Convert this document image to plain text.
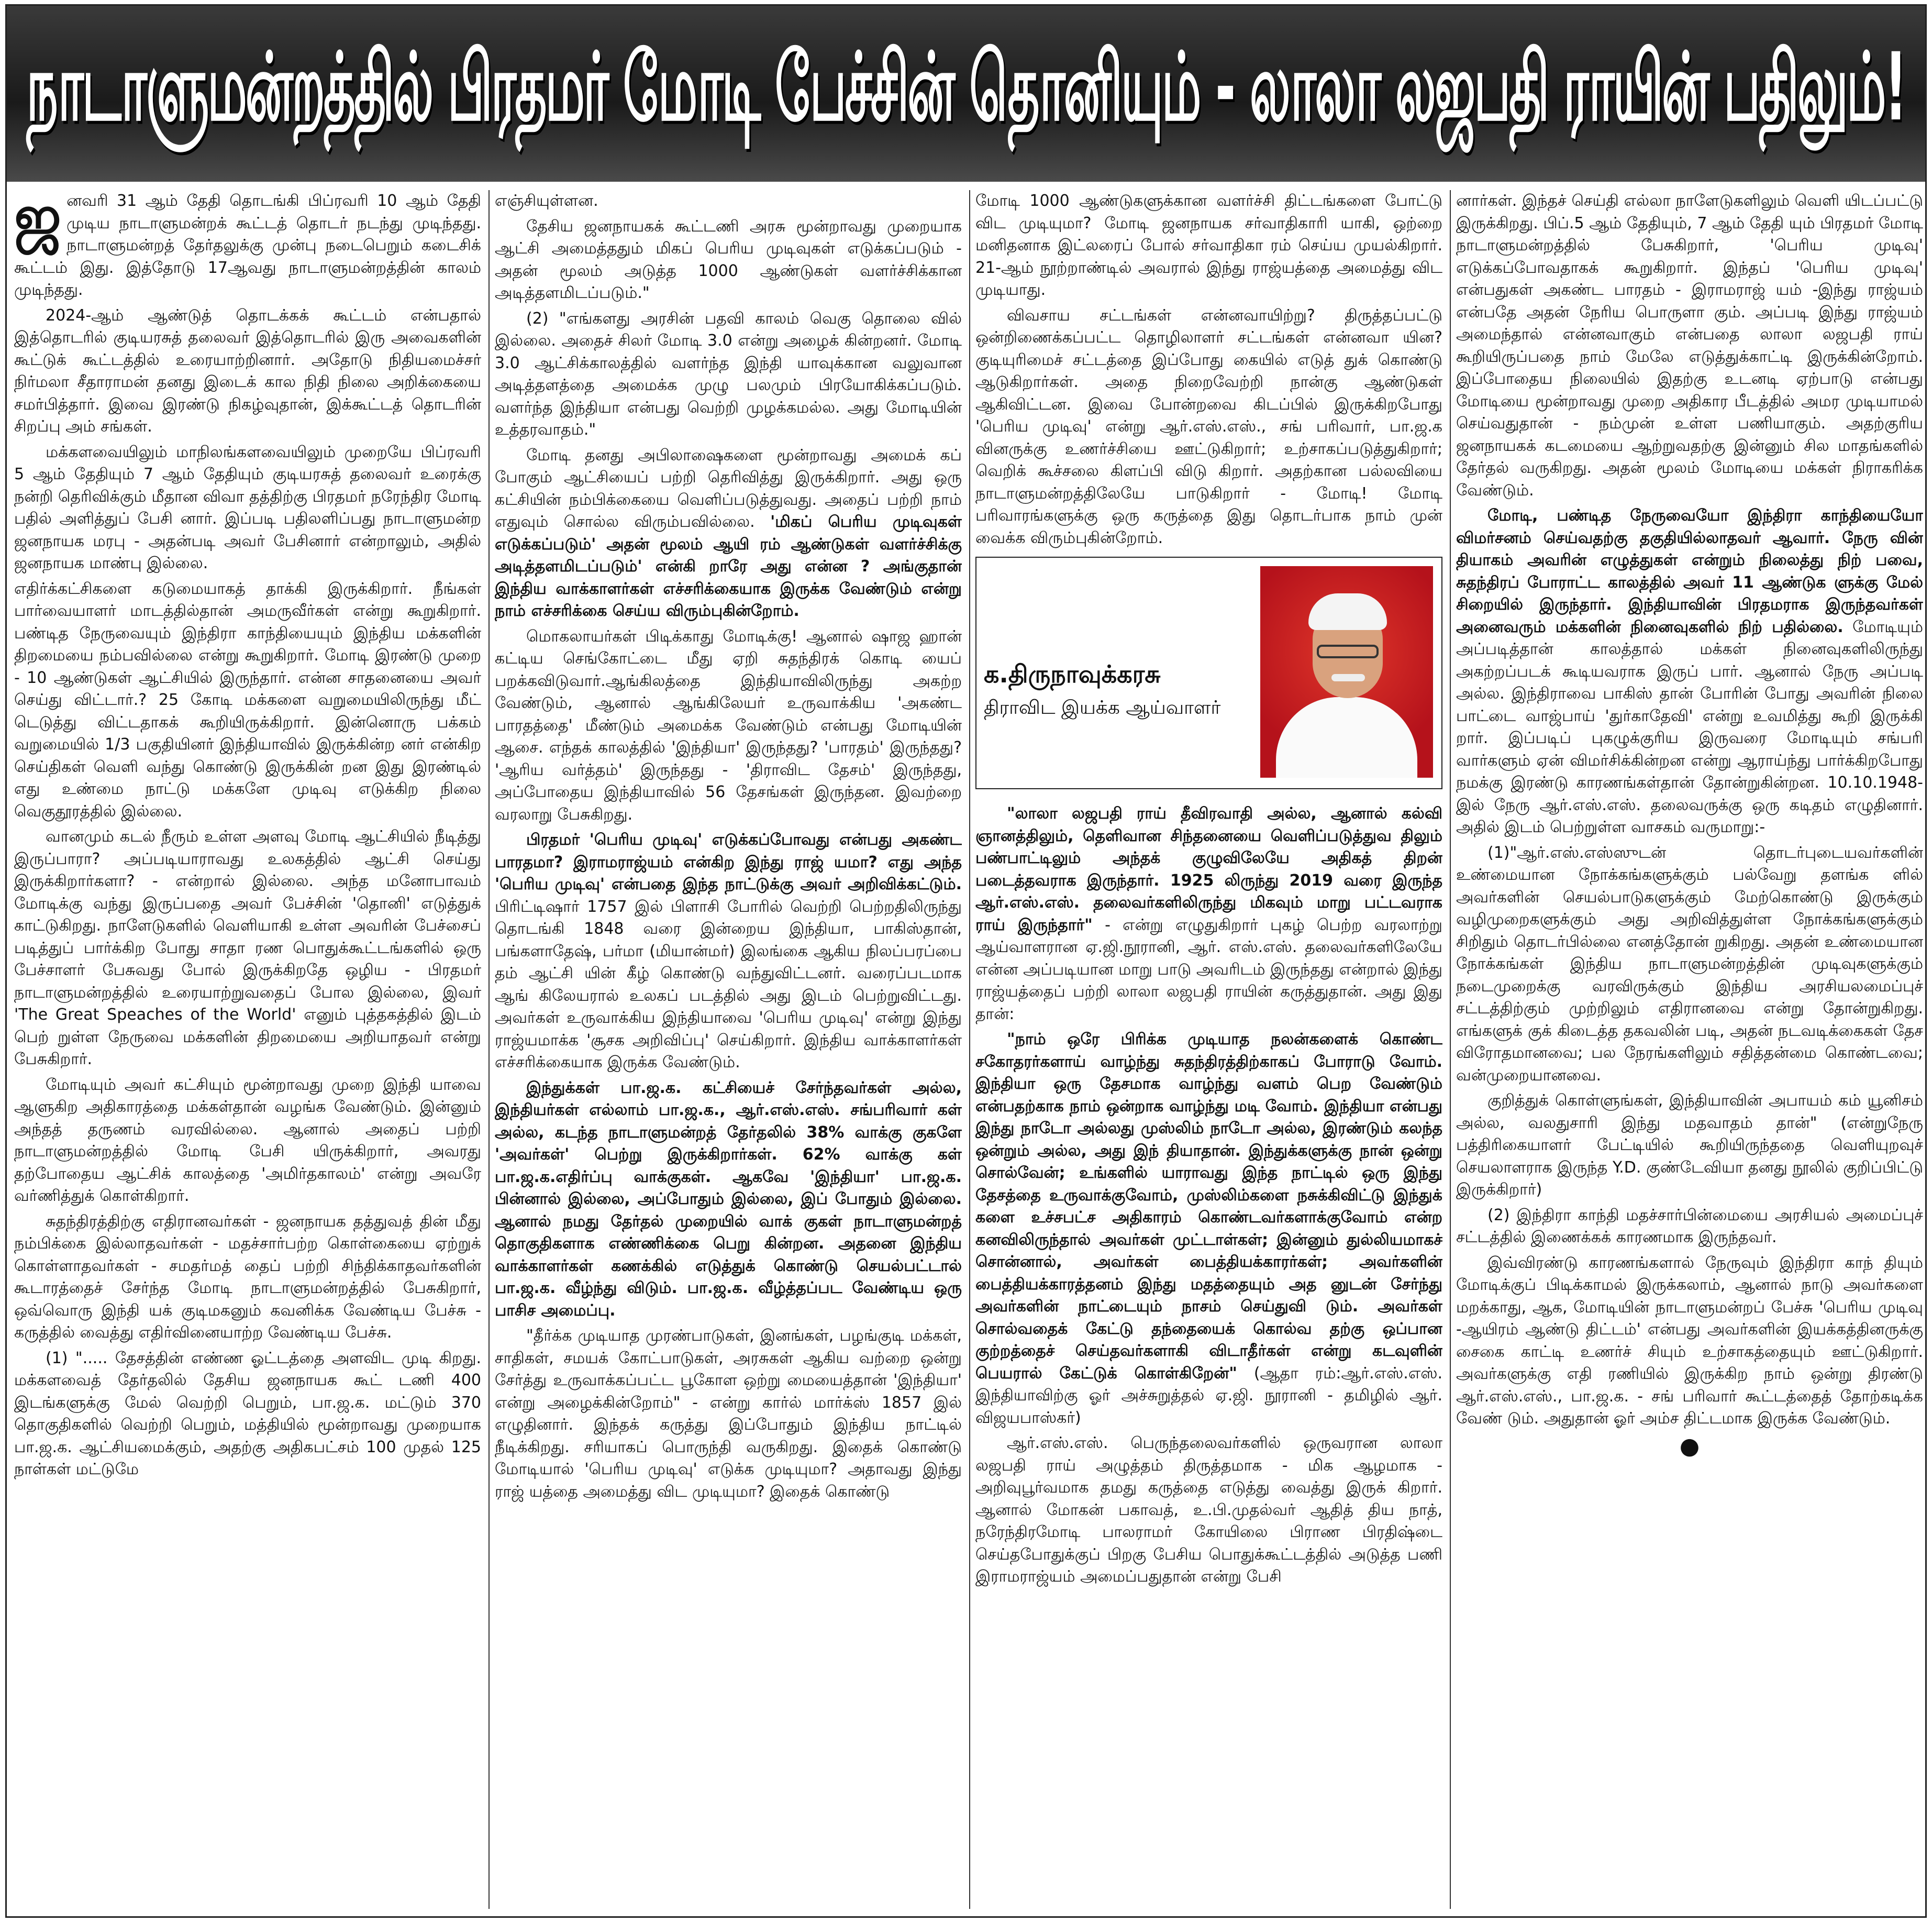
நாடாளுமன்றத்தில் பிரதமர் மோடி பேச்சின் தொனியும் - லாலா லஜபதி ராயின் பதிலும்!

ஜனவரி 31 ஆம் தேதி தொடங்கி பிப்ரவரி 10 ஆம் தேதி முடிய நாடாளுமன்றக் கூட்டத் தொடர் நடந்து முடிந்தது. நாடாளுமன்றத் தேர்தலுக்கு முன்பு நடைபெறும் கடைசிக் கூட்டம் இது. இத்தோடு 17ஆவது நாடாளுமன்றத்தின் காலம் முடிந்தது.

2024-ஆம் ஆண்டுத் தொடக்கக் கூட்டம் என்பதால் இத்தொடரில் குடியரசுத் தலைவர் இத்தொடரில் இரு அவைகளின் கூட்டுக் கூட்டத்தில் உரையாற்றினார். அதோடு நிதியமைச்சர் நிர்மலா சீதாராமன் தனது இடைக் கால நிதி நிலை அறிக்கையை சமர்பித்தார். இவை இரண்டு நிகழ்வுதான், இக்கூட்டத் தொடரின் சிறப்பு அம் சங்கள்.

மக்களவையிலும் மாநிலங்களவையிலும் முறையே பிப்ரவரி 5 ஆம் தேதியும் 7 ஆம் தேதியும் குடியரசுத் தலைவர் உரைக்கு நன்றி தெரிவிக்கும் மீதான விவா தத்திற்கு பிரதமர் நரேந்திர மோடி பதில் அளித்துப் பேசி னார். இப்படி பதிலளிப்பது நாடாளுமன்ற ஜனநாயக மரபு - அதன்படி அவர் பேசினார் என்றாலும், அதில் ஜனநாயக மாண்பு இல்லை.

எதிர்க்கட்சிகளை கடுமையாகத் தாக்கி இருக்கிறார். நீங்கள் பார்வையாளர் மாடத்தில்தான் அமருவீர்கள் என்று கூறுகிறார். பண்டித நேருவையும் இந்திரா காந்தியையும் இந்திய மக்களின் திறமையை நம்பவில்லை என்று கூறுகிறார். மோடி இரண்டு முறை - 10 ஆண்டுகள் ஆட்சியில் இருந்தார். என்ன சாதனையை அவர் செய்து விட்டார்.? 25 கோடி மக்களை வறுமையிலிருந்து மீட் டெடுத்து விட்டதாகக் கூறியிருக்கிறார். இன்னொரு பக்கம் வறுமையில் 1/3 பகுதியினர் இந்தியாவில் இருக்கின்ற னர் என்கிற செய்திகள் வெளி வந்து கொண்டு இருக்கின் றன இது இரண்டில் எது உண்மை நாட்டு மக்களே முடிவு எடுக்கிற நிலை வெகுதூரத்தில் இல்லை.

வானமும் கடல் நீரும் உள்ள அளவு மோடி ஆட்சியில் நீடித்து இருப்பாரா? அப்படியாராவது உலகத்தில் ஆட்சி செய்து இருக்கிறார்களா? - என்றால் இல்லை. அந்த மனோபாவம் மோடிக்கு வந்து இருப்பதை அவர் பேச்சின் 'தொனி' எடுத்துக் காட்டுகிறது. நாளேடுகளில் வெளியாகி உள்ள அவரின் பேச்சைப் படித்துப் பார்க்கிற போது சாதா ரண பொதுக்கூட்டங்களில் ஒரு பேச்சாளர் பேசுவது போல் இருக்கிறதே ஒழிய - பிரதமர் நாடாளுமன்றத்தில் உரையாற்றுவதைப் போல இல்லை, இவர் 'The Great Speaches of the World' எனும் புத்தகத்தில் இடம் பெற் றுள்ள நேருவை மக்களின் திறமையை அறியாதவர் என்று பேசுகிறார்.

மோடியும் அவர் கட்சியும் மூன்றாவது முறை இந்தி யாவை ஆளுகிற அதிகாரத்தை மக்கள்தான் வழங்க வேண்டும். இன்னும் அந்தத் தருணம் வரவில்லை. ஆனால் அதைப் பற்றி நாடாளுமன்றத்தில் மோடி பேசி யிருக்கிறார், அவரது தற்போதைய ஆட்சிக் காலத்தை 'அமிர்தகாலம்' என்று அவரே வர்ணித்துக் கொள்கிறார்.

சுதந்திரத்திற்கு எதிரானவர்கள் - ஜனநாயக தத்துவத் தின் மீது நம்பிக்கை இல்லாதவர்கள் - மதச்சார்பற்ற கொள்கையை ஏற்றுக் கொள்ளாதவர்கள் - சமதர்மத் தைப் பற்றி சிந்திக்காதவர்களின் கூடாரத்தைச் சேர்ந்த மோடி நாடாளுமன்றத்தில் பேசுகிறார், ஒவ்வொரு இந்தி யக் குடிமகனும் கவனிக்க வேண்டிய பேச்சு - கருத்தில் வைத்து எதிர்வினையாற்ற வேண்டிய பேச்சு.

(1) "..... தேசத்தின் எண்ண ஓட்டத்தை அளவிட முடி கிறது. மக்களவைத் தேர்தலில் தேசிய ஜனநாயக கூட் டணி 400 இடங்களுக்கு மேல் வெற்றி பெறும், பா.ஜ.க. மட்டும் 370 தொகுதிகளில் வெற்றி பெறும், மத்தியில் மூன்றாவது முறையாக பா.ஜ.க. ஆட்சியமைக்கும், அதற்கு அதிகபட்சம் 100 முதல் 125 நாள்கள் மட்டுமே

எஞ்சியுள்ளன.

தேசிய ஜனநாயகக் கூட்டணி அரசு மூன்றாவது முறையாக ஆட்சி அமைத்ததும் மிகப் பெரிய முடிவுகள் எடுக்கப்படும் - அதன் மூலம் அடுத்த 1000 ஆண்டுகள் வளர்ச்சிக்கான அடித்தளமிடப்படும்."

(2) "எங்களது அரசின் பதவி காலம் வெகு தொலை வில் இல்லை. அதைச் சிலர் மோடி 3.0 என்று அழைக் கின்றனர். மோடி 3.0 ஆட்சிக்காலத்தில் வளர்ந்த இந்தி யாவுக்கான வலுவான அடித்தளத்தை அமைக்க முழு பலமும் பிரயோகிக்கப்படும். வளர்ந்த இந்தியா என்பது வெற்றி முழக்கமல்ல. அது மோடியின் உத்தரவாதம்."

மோடி தனது அபிலாஷைகளை மூன்றாவது அமைக் கப் போகும் ஆட்சியைப் பற்றி தெரிவித்து இருக்கிறார். அது ஒரு கட்சியின் நம்பிக்கையை வெளிப்படுத்துவது. அதைப் பற்றி நாம் எதுவும் சொல்ல விரும்பவில்லை. 'மிகப் பெரிய முடிவுகள் எடுக்கப்படும்' அதன் மூலம் ஆயி ரம் ஆண்டுகள் வளர்ச்சிக்கு அடித்தளமிடப்படும்' என்கி றாரே அது என்ன ? அங்குதான் இந்திய வாக்காளர்கள் எச்சரிக்கையாக இருக்க வேண்டும் என்று நாம் எச்சரிக்கை செய்ய விரும்புகின்றோம்.

மொகலாயர்கள் பிடிக்காது மோடிக்கு! ஆனால் ஷாஜ ஹான் கட்டிய செங்கோட்டை மீது ஏறி சுதந்திரக் கொடி யைப் பறக்கவிடுவார்.ஆங்கிலத்தை இந்தியாவிலிருந்து அகற்ற வேண்டும், ஆனால் ஆங்கிலேயர் உருவாக்கிய 'அகண்ட பாரதத்தை' மீண்டும் அமைக்க வேண்டும் என்பது மோடியின் ஆசை. எந்தக் காலத்தில் 'இந்தியா' இருந்தது? 'பாரதம்' இருந்தது? 'ஆரிய வர்த்தம்' இருந்தது - 'திராவிட தேசம்' இருந்தது, அப்போதைய இந்தியாவில் 56 தேசங்கள் இருந்தன. இவற்றை வரலாறு பேசுகிறது.

பிரதமர் 'பெரிய முடிவு' எடுக்கப்போவது என்பது அகண்ட பாரதமா? இராமராஜ்யம் என்கிற இந்து ராஜ் யமா? எது அந்த 'பெரிய முடிவு' என்பதை இந்த நாட்டுக்கு அவர் அறிவிக்கட்டும். பிரிட்டிஷார் 1757 இல் பிளாசி போரில் வெற்றி பெற்றதிலிருந்து தொடங்கி 1848 வரை இன்றைய இந்தியா, பாகிஸ்தான், பங்களாதேஷ், பர்மா (மியான்மர்) இலங்கை ஆகிய நிலப்பரப்பை தம் ஆட்சி யின் கீழ் கொண்டு வந்துவிட்டனர். வரைப்படமாக ஆங் கிலேயரால் உலகப் படத்தில் அது இடம் பெற்றுவிட்டது. அவர்கள் உருவாக்கிய இந்தியாவை 'பெரிய முடிவு' என்று இந்து ராஜ்யமாக்க 'சூசக அறிவிப்பு' செய்கிறார். இந்திய வாக்காளர்கள் எச்சரிக்கையாக இருக்க வேண்டும்.

இந்துக்கள் பா.ஜ.க. கட்சியைச் சேர்ந்தவர்கள் அல்ல, இந்தியர்கள் எல்லாம் பா.ஜ.க., ஆர்.எஸ்.எஸ். சங்பரிவார் கள் அல்ல, கடந்த நாடாளுமன்றத் தேர்தலில் 38% வாக்கு குகளே 'அவர்கள்' பெற்று இருக்கிறார்கள். 62% வாக்கு கள் பா.ஜ.க.எதிர்ப்பு வாக்குகள். ஆகவே 'இந்தியா' பா.ஜ.க. பின்னால் இல்லை, அப்போதும் இல்லை, இப் போதும் இல்லை. ஆனால் நமது தேர்தல் முறையில் வாக் குகள் நாடாளுமன்றத் தொகுதிகளாக எண்ணிக்கை பெறு கின்றன. அதனை இந்திய வாக்காளர்கள் கணக்கில் எடுத்துக் கொண்டு செயல்பட்டால் பா.ஜ.க. வீழ்ந்து விடும். பா.ஜ.க. வீழ்த்தப்பட வேண்டிய ஒரு பாசிச அமைப்பு.

"தீர்க்க முடியாத முரண்பாடுகள், இனங்கள், பழங்குடி மக்கள், சாதிகள், சமயக் கோட்பாடுகள், அரசுகள் ஆகிய வற்றை ஒன்று சேர்த்து உருவாக்கப்பட்ட பூகோள ஒற்று மையைத்தான் 'இந்தியா' என்று அழைக்கின்றோம்" - என்று கார்ல் மார்க்ஸ் 1857 இல் எழுதினார். இந்தக் கருத்து இப்போதும் இந்திய நாட்டில் நீடிக்கிறது. சரியாகப் பொருந்தி வருகிறது. இதைக் கொண்டு மோடியால் 'பெரிய முடிவு' எடுக்க முடியுமா? அதாவது இந்து ராஜ் யத்தை அமைத்து விட முடியுமா? இதைக் கொண்டு

மோடி 1000 ஆண்டுகளுக்கான வளர்ச்சி திட்டங்களை போட்டு விட முடியுமா? மோடி ஜனநாயக சர்வாதிகாரி யாகி, ஒற்றை மனிதனாக இட்லரைப் போல் சர்வாதிகா ரம் செய்ய முயல்கிறார். 21-ஆம் நூற்றாண்டில் அவரால் இந்து ராஜ்யத்தை அமைத்து விட முடியாது.

விவசாய சட்டங்கள் என்னவாயிற்று? திருத்தப்பட்டு ஒன்றிணைக்கப்பட்ட தொழிலாளர் சட்டங்கள் என்னவா யின? குடியுரிமைச் சட்டத்தை இப்போது கையில் எடுத் துக் கொண்டு ஆடுகிறார்கள். அதை நிறைவேற்றி நான்கு ஆண்டுகள் ஆகிவிட்டன. இவை போன்றவை கிடப்பில் இருக்கிறபோது 'பெரிய முடிவு' என்று ஆர்.எஸ்.எஸ்., சங் பரிவார், பா.ஜ.க வினருக்கு உணர்ச்சியை ஊட்டுகிறார்; உற்சாகப்படுத்துகிறார்; வெறிக் கூச்சலை கிளப்பி விடு கிறார். அதற்கான பல்லவியை நாடாளுமன்றத்திலேயே பாடுகிறார் - மோடி! மோடி பரிவாரங்களுக்கு ஒரு கருத்தை இது தொடர்பாக நாம் முன் வைக்க விரும்புகின்றோம்.

க.திருநாவுக்கரசு
திராவிட இயக்க ஆய்வாளர்

"லாலா லஜபதி ராய் தீவிரவாதி அல்ல, ஆனால் கல்வி ஞானத்திலும், தெளிவான சிந்தனையை வெளிப்படுத்துவ திலும் பண்பாட்டிலும் அந்தக் குழுவிலேயே அதிகத் திறன் படைத்தவராக இருந்தார். 1925 லிருந்து 2019 வரை இருந்த ஆர்.எஸ்.எஸ். தலைவர்களிலிருந்து மிகவும் மாறு பட்டவராக ராய் இருந்தார்" - என்று எழுதுகிறார் புகழ் பெற்ற வரலாற்று ஆய்வாளரான ஏ.ஜி.நூரானி, ஆர். எஸ்.எஸ். தலைவர்களிலேயே என்ன அப்படியான மாறு பாடு அவரிடம் இருந்தது என்றால் இந்து ராஜ்யத்தைப் பற்றி லாலா லஜபதி ராயின் கருத்துதான். அது இது தான்:

"நாம் ஒரே பிரிக்க முடியாத நலன்களைக் கொண்ட சகோதரர்களாய் வாழ்ந்து சுதந்திரத்திற்காகப் போராடு வோம். இந்தியா ஒரு தேசமாக வாழ்ந்து வளம் பெற வேண்டும் என்பதற்காக நாம் ஒன்றாக வாழ்ந்து மடி வோம். இந்தியா என்பது இந்து நாடோ அல்லது முஸ்லிம் நாடோ அல்ல, இரண்டும் கலந்த ஒன்றும் அல்ல, அது இந் தியாதான். இந்துக்களுக்கு நான் ஒன்று சொல்வேன்; உங்களில் யாராவது இந்த நாட்டில் ஒரு இந்து தேசத்தை உருவாக்குவோம், முஸ்லிம்களை நசுக்கிவிட்டு இந்துக் களை உச்சபட்ச அதிகாரம் கொண்டவர்களாக்குவோம் என்ற கனவிலிருந்தால் அவர்கள் முட்டாள்கள்; இன்னும் துல்லியமாகச் சொன்னால், அவர்கள் பைத்தியக்காரர்கள்; அவர்களின் பைத்தியக்காரத்தனம் இந்து மதத்தையும் அத னுடன் சேர்ந்து அவர்களின் நாட்டையும் நாசம் செய்துவி டும். அவர்கள் சொல்வதைக் கேட்டு தந்தையைக் கொல்வ தற்கு ஒப்பான குற்றத்தைச் செய்தவர்களாகி விடாதீர்கள் என்று கடவுளின் பெயரால் கேட்டுக் கொள்கிறேன்" (ஆதா ரம்:ஆர்.எஸ்.எஸ். இந்தியாவிற்கு ஓர் அச்சுறுத்தல் ஏ.ஜி. நூரானி - தமிழில் ஆர். விஜயபாஸ்கர்)

ஆர்.எஸ்.எஸ். பெருந்தலைவர்களில் ஒருவரான லாலா லஜபதி ராய் அழுத்தம் திருத்தமாக - மிக ஆழமாக - அறிவுபூர்வமாக தமது கருத்தை எடுத்து வைத்து இருக் கிறார். ஆனால் மோகன் பகாவத், உ.பி.முதல்வர் ஆதித் திய நாத், நரேந்திரமோடி பாலராமர் கோயிலை பிராண பிரதிஷ்டை செய்தபோதுக்குப் பிறகு பேசிய பொதுக்கூட்டத்தில் அடுத்த பணி இராமராஜ்யம் அமைப்பதுதான் என்று பேசி

னார்கள். இந்தச் செய்தி எல்லா நாளேடுகளிலும் வெளி யிடப்பட்டு இருக்கிறது. பிப்.5 ஆம் தேதியும், 7 ஆம் தேதி யும் பிரதமர் மோடி நாடாளுமன்றத்தில் பேசுகிறார், 'பெரிய முடிவு' எடுக்கப்போவதாகக் கூறுகிறார். இந்தப் 'பெரிய முடிவு' என்பதுகள் அகண்ட பாரதம் - இராமராஜ் யம் -இந்து ராஜ்யம் என்பதே அதன் நேரிய பொருளா கும். அப்படி இந்து ராஜ்யம் அமைந்தால் என்னவாகும் என்பதை லாலா லஜபதி ராய் கூறியிருப்பதை நாம் மேலே எடுத்துக்காட்டி இருக்கின்றோம். இப்போதைய நிலையில் இதற்கு உடனடி ஏற்பாடு என்பது மோடியை மூன்றாவது முறை அதிகார பீடத்தில் அமர முடியாமல் செய்வதுதான் - நம்முன் உள்ள பணியாகும். அதற்குரிய ஜனநாயகக் கடமையை ஆற்றுவதற்கு இன்னும் சில மாதங்களில் தேர்தல் வருகிறது. அதன் மூலம் மோடியை மக்கள் நிராகரிக்க வேண்டும்.

மோடி, பண்டித நேருவையோ இந்திரா காந்தியையோ விமர்சனம் செய்வதற்கு தகுதியில்லாதவர் ஆவார். நேரு வின் தியாகம் அவரின் எழுத்துகள் என்றும் நிலைத்து நிற் பவை, சுதந்திரப் போராட்ட காலத்தில் அவர் 11 ஆண்டுக ளுக்கு மேல் சிறையில் இருந்தார். இந்தியாவின் பிரதமராக இருந்தவர்கள் அனைவரும் மக்களின் நினைவுகளில் நிற் பதில்லை. மோடியும் அப்படித்தான் காலத்தால் மக்கள் நினைவுகளிலிருந்து அகற்றப்படக் கூடியவராக இருப் பார். ஆனால் நேரு அப்படி அல்ல. இந்திராவை பாகிஸ் தான் போரின் போது அவரின் நிலை பாட்டை வாஜ்பாய் 'துர்காதேவி' என்று உவமித்து கூறி இருக்கி றார். இப்படிப் புகழுக்குரிய இருவரை மோடியும் சங்பரி வார்களும் ஏன் விமர்சிக்கின்றன என்று ஆராய்ந்து பார்க்கிறபோது நமக்கு இரண்டு காரணங்கள்தான் தோன்றுகின்றன. 10.10.1948-இல் நேரு ஆர்.எஸ்.எஸ். தலைவருக்கு ஒரு கடிதம் எழுதினார். அதில் இடம் பெற்றுள்ள வாசகம் வருமாறு:-

(1)"ஆர்.எஸ்.எஸ்ஸுடன் தொடர்புடையவர்களின் உண்மையான நோக்கங்களுக்கும் பல்வேறு தளங்க ளில் அவர்களின் செயல்பாடுகளுக்கும் மேற்கொண்டு இருக்கும் வழிமுறைகளுக்கும் அது அறிவித்துள்ள நோக்கங்களுக்கும் சிறிதும் தொடர்பில்லை எனத்தோன் றுகிறது. அதன் உண்மையான நோக்கங்கள் இந்திய நாடாளுமன்றத்தின் முடிவுகளுக்கும் நடைமுறைக்கு வரவிருக்கும் இந்திய அரசியலமைப்புச் சட்டத்திற்கும் முற்றிலும் எதிரானவை என்று தோன்றுகிறது. எங்களுக் குக் கிடைத்த தகவலின் படி, அதன் நடவடிக்கைகள் தேச விரோதமானவை; பல நேரங்களிலும் சதித்தன்மை கொண்டவை; வன்முறையானவை.

குறித்துக் கொள்ளுங்கள், இந்தியாவின் அபாயம் கம் யூனிசம் அல்ல, வலதுசாரி இந்து மதவாதம் தான்" (என்றுநேரு பத்திரிகையாளர் பேட்டியில் கூறியிருந்ததை வெளியுறவுச் செயலாளராக இருந்த Y.D. குண்டேவியா தனது நூலில் குறிப்பிட்டு இருக்கிறார்)

(2) இந்திரா காந்தி மதச்சார்பின்மையை அரசியல் அமைப்புச் சட்டத்தில் இணைக்கக் காரணமாக இருந்தவர்.

இவ்விரண்டு காரணங்களால் நேருவும் இந்திரா காந் தியும் மோடிக்குப் பிடிக்காமல் இருக்கலாம், ஆனால் நாடு அவர்களை மறக்காது, ஆக, மோடியின் நாடாளுமன்றப் பேச்சு 'பெரிய முடிவு -ஆயிரம் ஆண்டு திட்டம்' என்பது அவர்களின் இயக்கத்தினருக்கு சைகை காட்டி உணர்ச் சியும் உற்சாகத்தையும் ஊட்டுகிறார். அவர்களுக்கு எதி ரணியில் இருக்கிற நாம் ஒன்று திரண்டு ஆர்.எஸ்.எஸ்., பா.ஜ.க. - சங் பரிவார் கூட்டத்தைத் தோற்கடிக்க வேண் டும். அதுதான் ஓர் அம்ச திட்டமாக இருக்க வேண்டும்.

●
